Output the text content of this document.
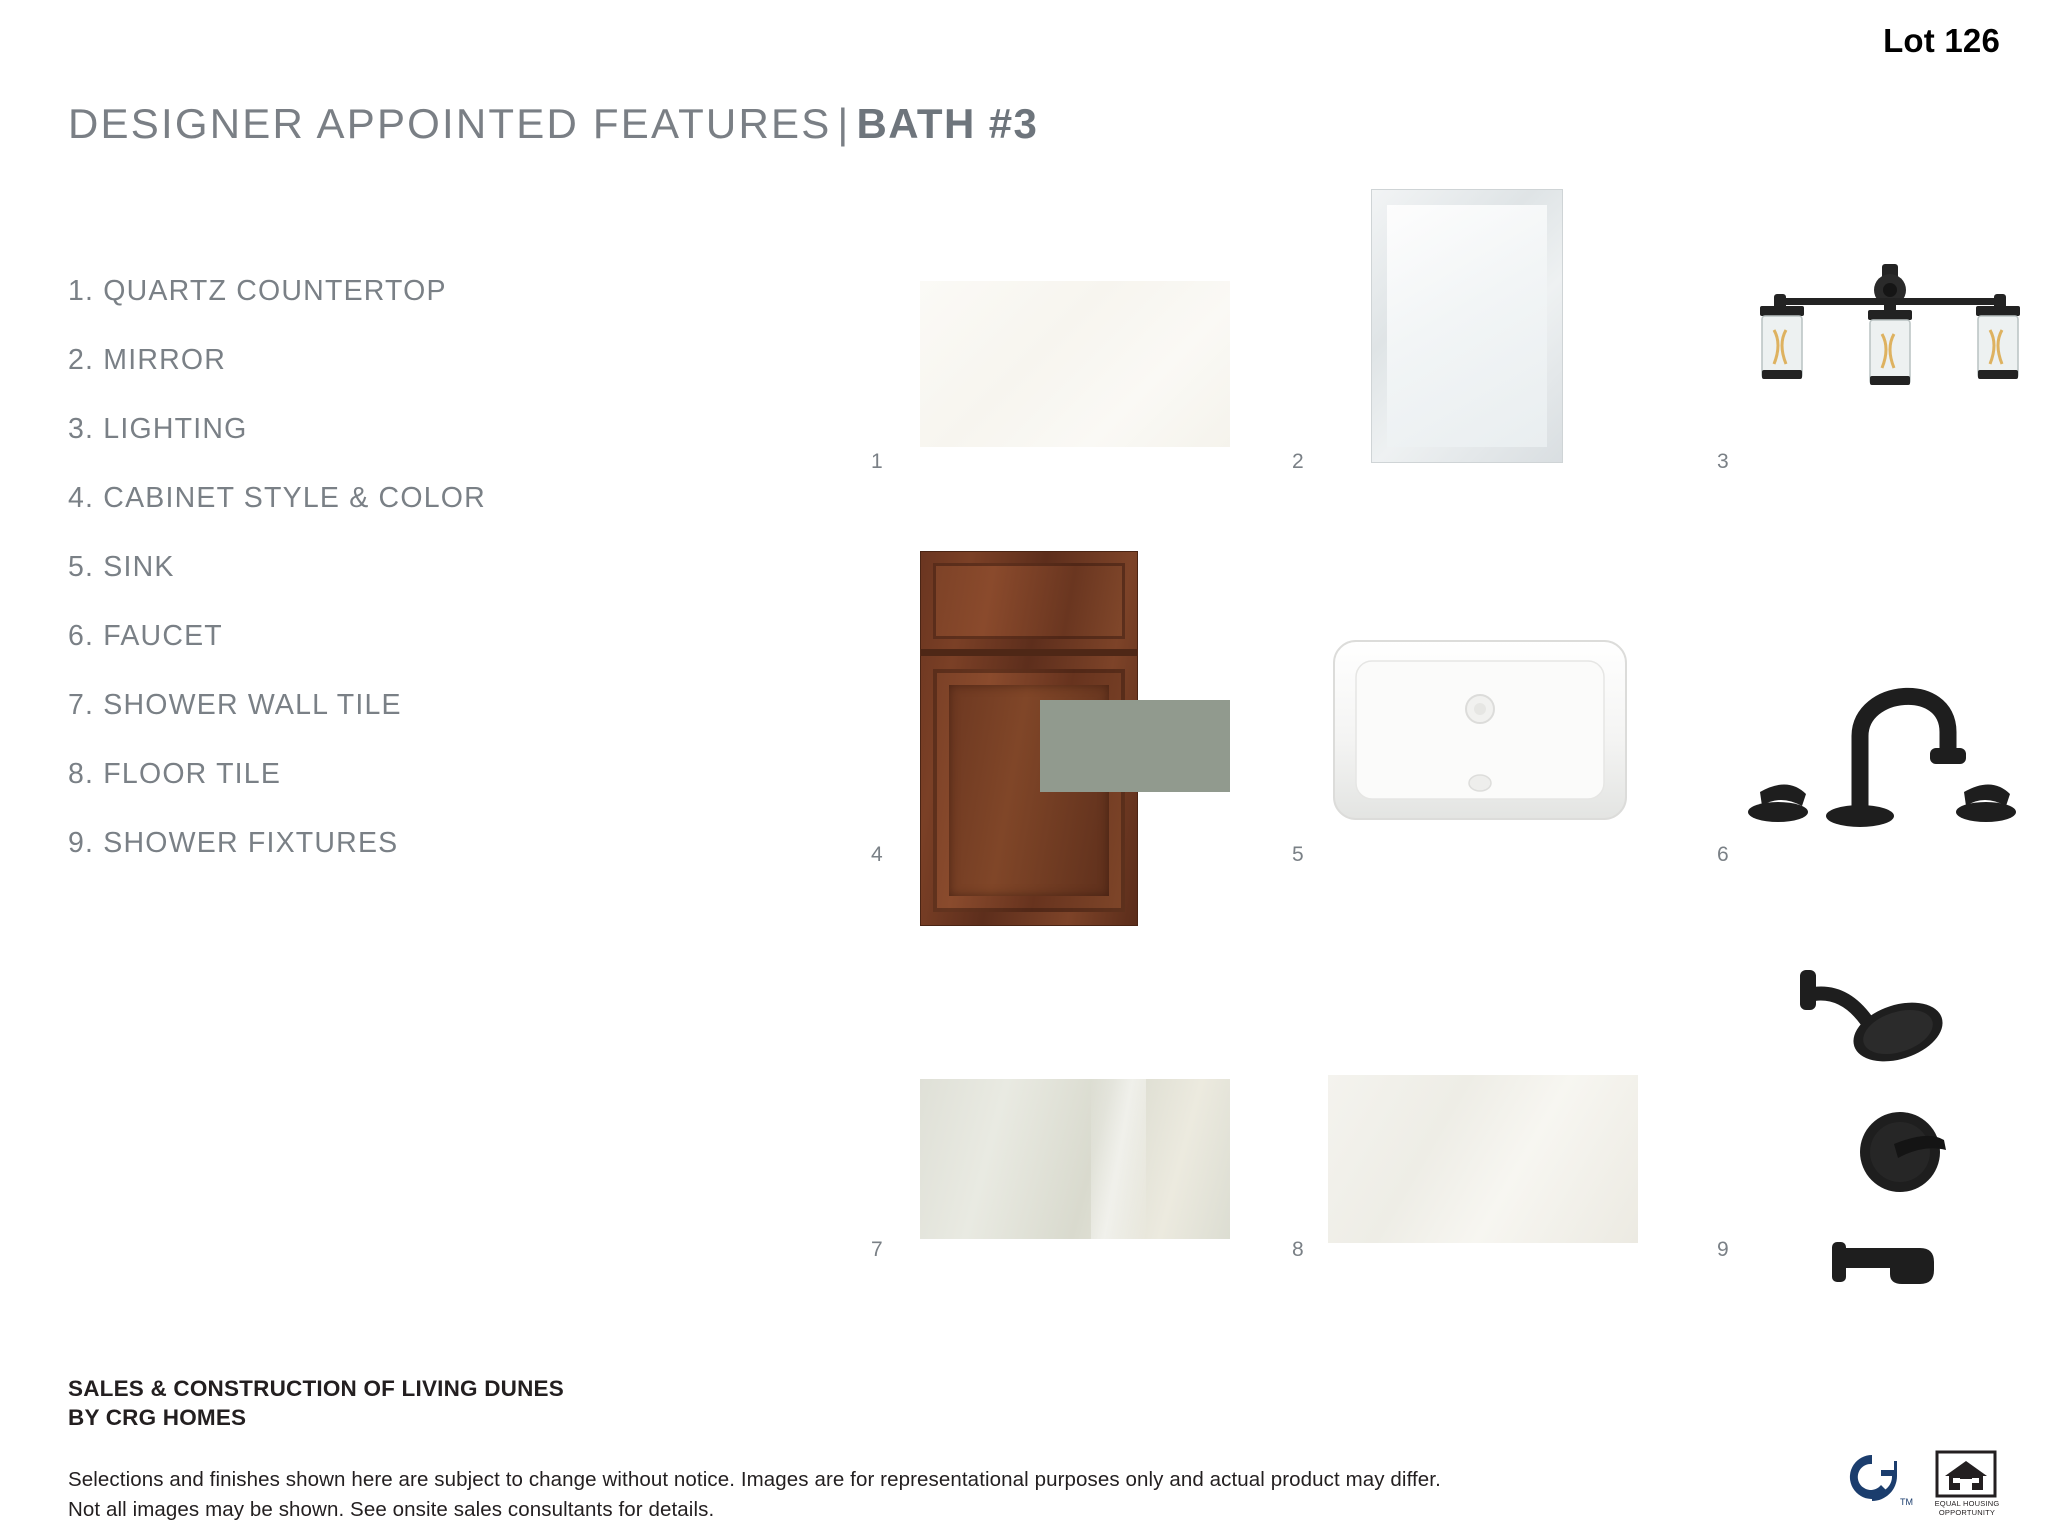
Lot 126
DESIGNER APPOINTED FEATURES | BATH #3
1. QUARTZ COUNTERTOP
2. MIRROR
3. LIGHTING
4. CABINET STYLE & COLOR
5. SINK
6. FAUCET
7. SHOWER WALL TILE
8. FLOOR TILE
9. SHOWER FIXTURES
1	2	3
4	5	6
7	8	9
SALES & CONSTRUCTION OF LIVING DUNES
BY CRG HOMES
Selections and finishes shown here are subject to change without notice. Images are for representational purposes only and actual product may differ.
Not all images may be shown. See onsite sales consultants for details.	TM	EQUAL HOUSING
OPPORTUNITY
